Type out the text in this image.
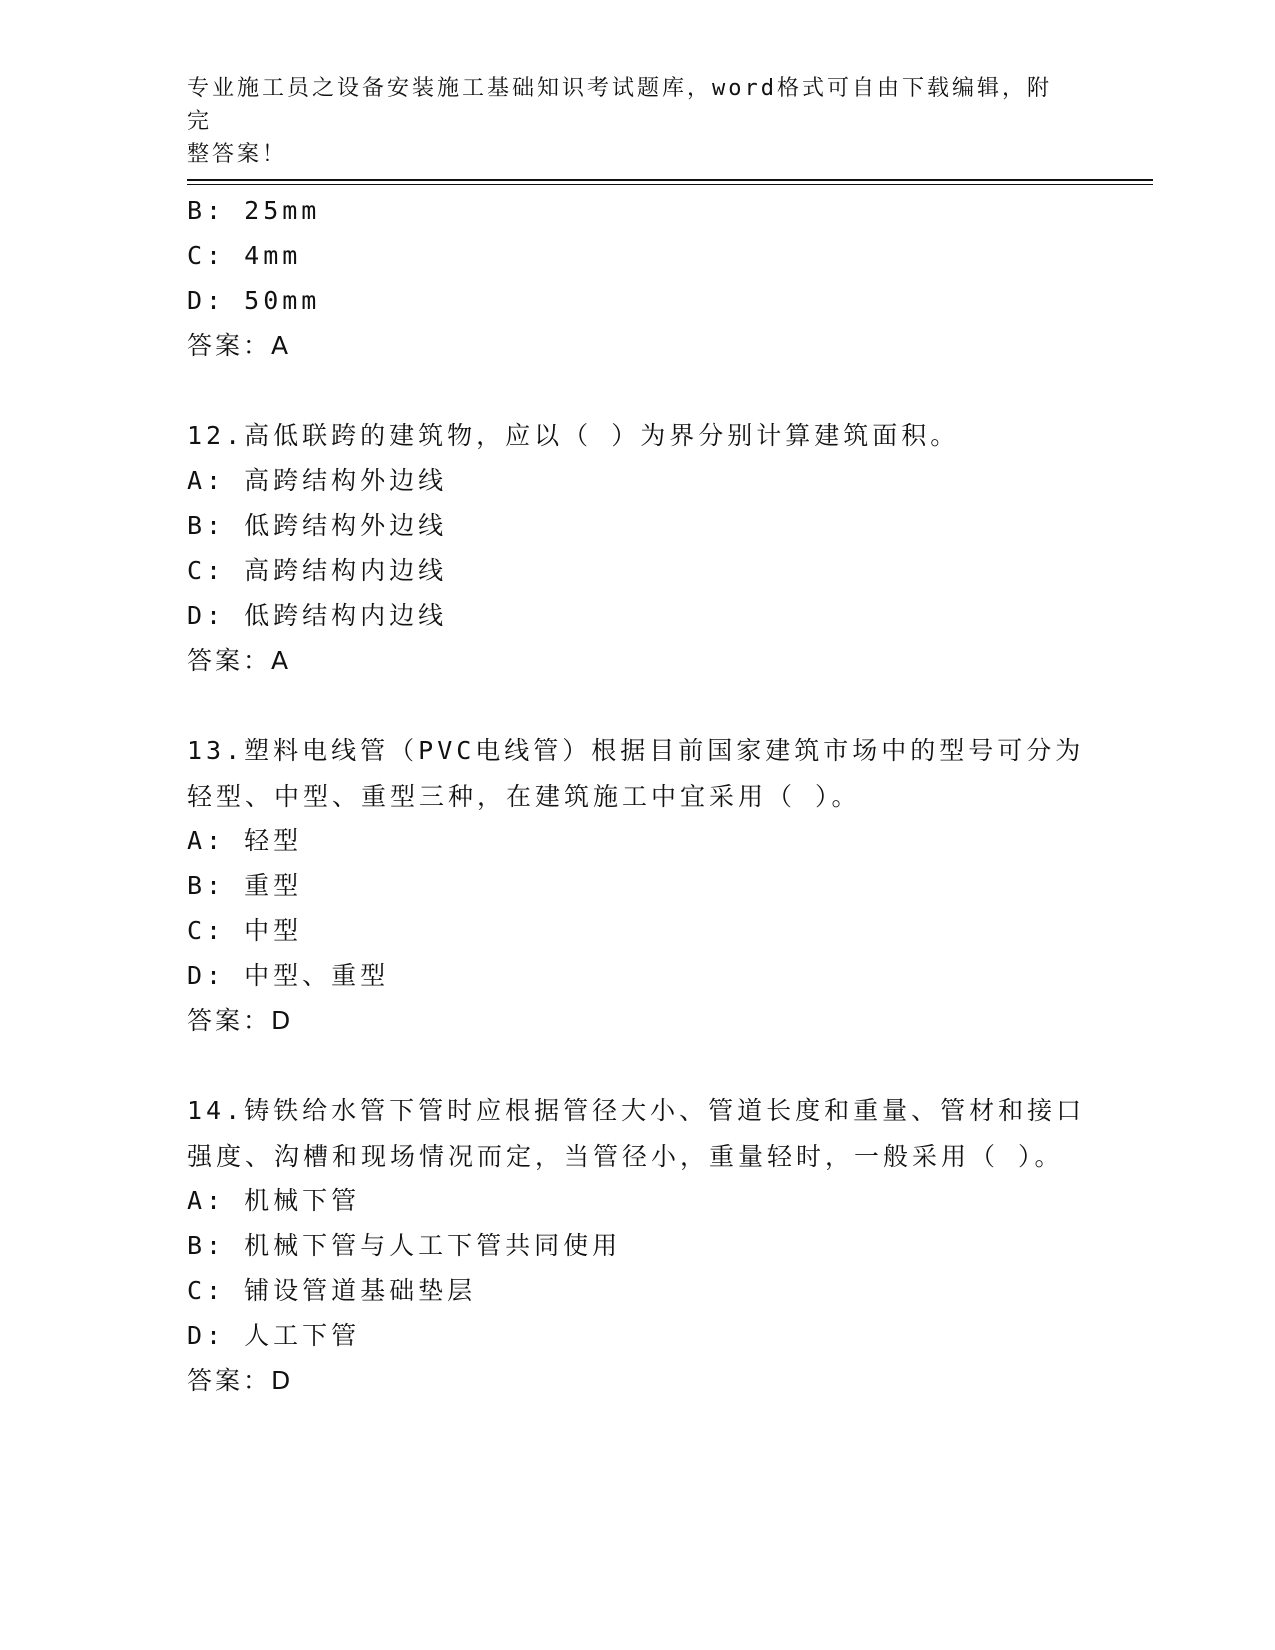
专业施工员之设备安装施工基础知识考试题库，word格式可自由下载编辑，附完
整答案！
B: 25mm
C: 4mm
D: 50mm
答案：A
12.高低联跨的建筑物，应以（ ）为界分别计算建筑面积。
A: 高跨结构外边线
B: 低跨结构外边线
C: 高跨结构内边线
D: 低跨结构内边线
答案：A
13.塑料电线管（PVC电线管）根据目前国家建筑市场中的型号可分为
轻型、中型、重型三种，在建筑施工中宜采用（ ）。
A: 轻型
B: 重型
C: 中型
D: 中型、重型
答案：D
14.铸铁给水管下管时应根据管径大小、管道长度和重量、管材和接口
强度、沟槽和现场情况而定，当管径小，重量轻时，一般采用（ ）。
A: 机械下管
B: 机械下管与人工下管共同使用
C: 铺设管道基础垫层
D: 人工下管
答案：D
